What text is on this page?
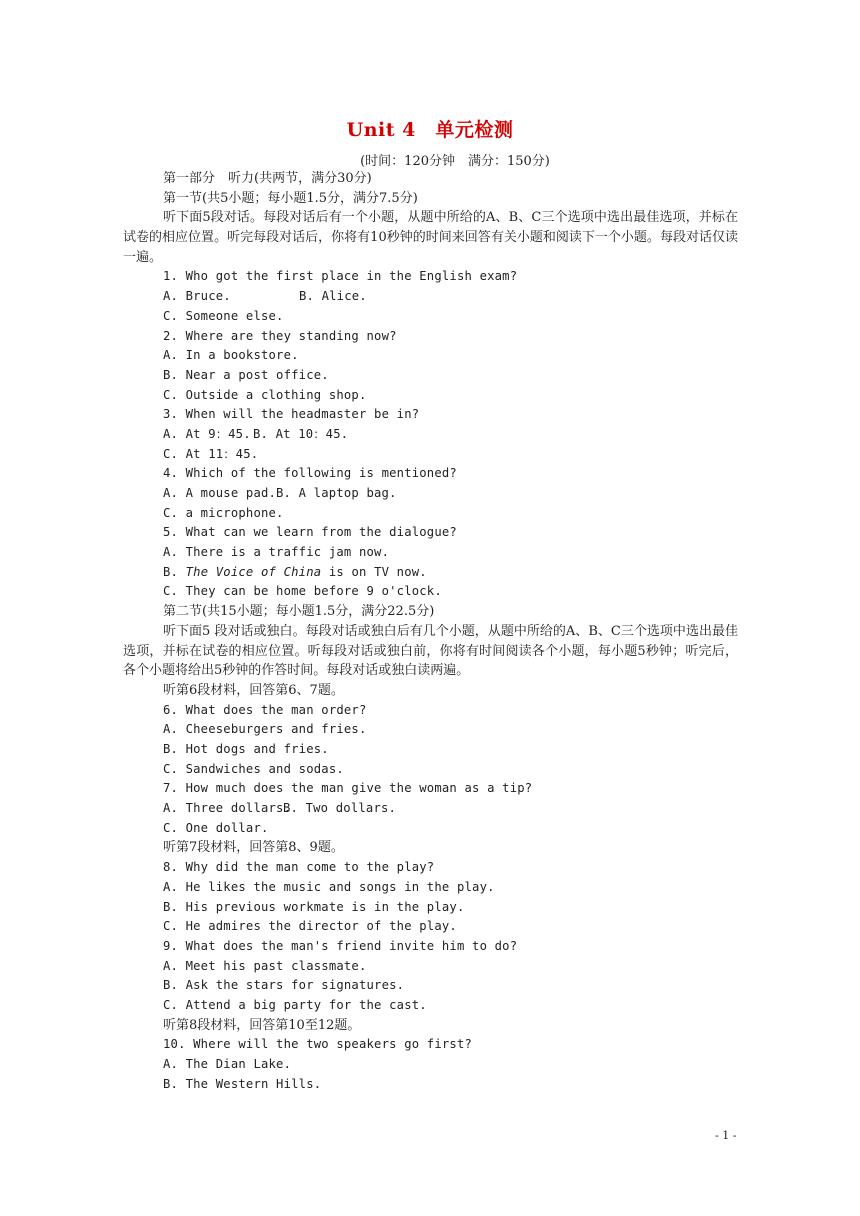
Unit 4　单元检测
(时间：120分钟　满分：150分)
第一部分　听力(共两节，满分30分)
第一节(共5小题；每小题1.5分，满分7.5分)
听下面5段对话。每段对话后有一个小题，从题中所给的A、B、C三个选项中选出最佳选项，并标在试卷的相应位置。听完每段对话后，你将有10秒钟的时间来回答有关小题和阅读下一个小题。每段对话仅读一遍。
1. Who got the first place in the English exam?
A. Bruce.	B. Alice.
C. Someone else.
2. Where are they standing now?
A. In a bookstore.
B. Near a post office.
C. Outside a clothing shop.
3. When will the headmaster be in?
A. At 9：45. B. At 10：45.
C. At 11：45.
4. Which of the following is mentioned?
A. A mouse pad.B. A laptop bag.
C. a microphone.
5. What can we learn from the dialogue?
A. There is a traffic jam now.
B. The Voice of China is on TV now.
C. They can be home before 9 o'clock.
第二节(共15小题；每小题1.5分，满分22.5分)
听下面5 段对话或独白。每段对话或独白后有几个小题，从题中所给的A、B、C三个选项中选出最佳选项，并标在试卷的相应位置。听每段对话或独白前，你将有时间阅读各个小题，每小题5秒钟；听完后，各个小题将给出5秒钟的作答时间。每段对话或独白读两遍。
听第6段材料，回答第6、7题。
6. What does the man order?
A. Cheeseburgers and fries.
B. Hot dogs and fries.
C. Sandwiches and sodas.
7. How much does the man give the woman as a tip?
A. Three dollars.B. Two dollars.
C. One dollar.
听第7段材料，回答第8、9题。
8. Why did the man come to the play?
A. He likes the music and songs in the play.
B. His previous workmate is in the play.
C. He admires the director of the play.
9. What does the man's friend invite him to do?
A. Meet his past classmate.
B. Ask the stars for signatures.
C. Attend a big party for the cast.
听第8段材料，回答第10至12题。
10. Where will the two speakers go first?
A. The Dian Lake.
B. The Western Hills.
- 1 -
